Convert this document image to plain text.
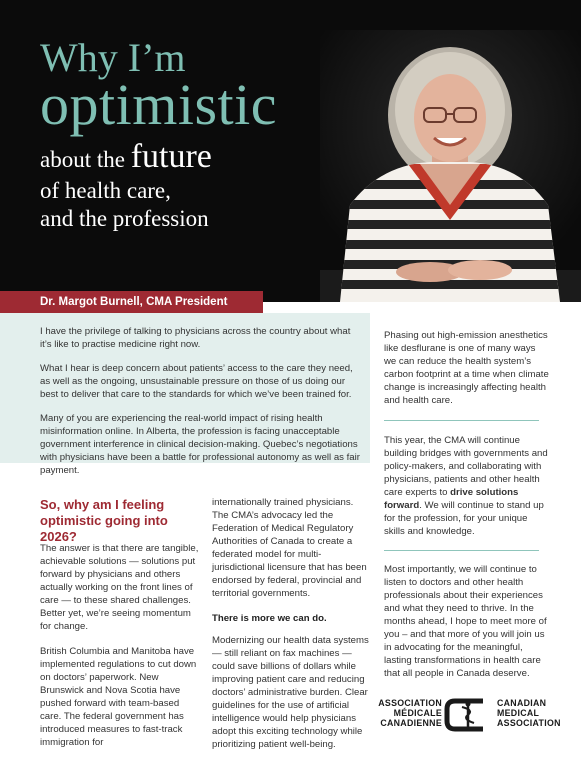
Why I’m
optimistic
about the future
of health care,
and the profession
Dr. Margot Burnell, CMA President

I have the privilege of talking to physicians across the country about what it’s like to practise medicine right now.

What I hear is deep concern about patients’ access to the care they need, as well as the ongoing, unsustainable pressure on those of us doing our best to deliver that care to the standards for which we’ve been trained for.

Many of you are experiencing the real-world impact of rising health misinformation online. In Alberta, the profession is facing unacceptable government interference in clinical decision-making. Quebec’s negotiations with physicians have been a battle for professional autonomy as well as fair payment.

Phasing out high-emission anesthetics like desflurane is one of many ways we can reduce the health system’s carbon footprint at a time when climate change is increasingly affecting health and health care.

This year, the CMA will continue building bridges with governments and policy-makers, and collaborating with physicians, patients and other health care experts to drive solutions forward. We will continue to stand up for the profession, for your unique skills and knowledge.

Most importantly, we will continue to listen to doctors and other health professionals about their experiences and what they need to thrive. In the months ahead, I hope to meet more of you – and that more of you will join us in advocating for the meaningful, lasting transformations in health care that all people in Canada deserve.

So, why am I feeling optimistic going into 2026?

The answer is that there are tangible, achievable solutions — solutions put forward by physicians and others actually working on the front lines of care — to these shared challenges. Better yet, we’re seeing momentum for change.

British Columbia and Manitoba have implemented regulations to cut down on doctors’ paperwork. New Brunswick and Nova Scotia have pushed forward with team-based care. The federal government has introduced measures to fast-track immigration for

internationally trained physicians. The CMA’s advocacy led the Federation of Medical Regulatory Authorities of Canada to create a federated model for multi-jurisdictional licensure that has been endorsed by federal, provincial and territorial governments.

There is more we can do.

Modernizing our health data systems — still reliant on fax machines — could save billions of dollars while improving patient care and reducing doctors’ administrative burden. Clear guidelines for the use of artificial intelligence would help physicians adopt this exciting technology while prioritizing patient well-being.

ASSOCIATION
MÉDICALE
CANADIENNE
CANADIAN
MEDICAL
ASSOCIATION
